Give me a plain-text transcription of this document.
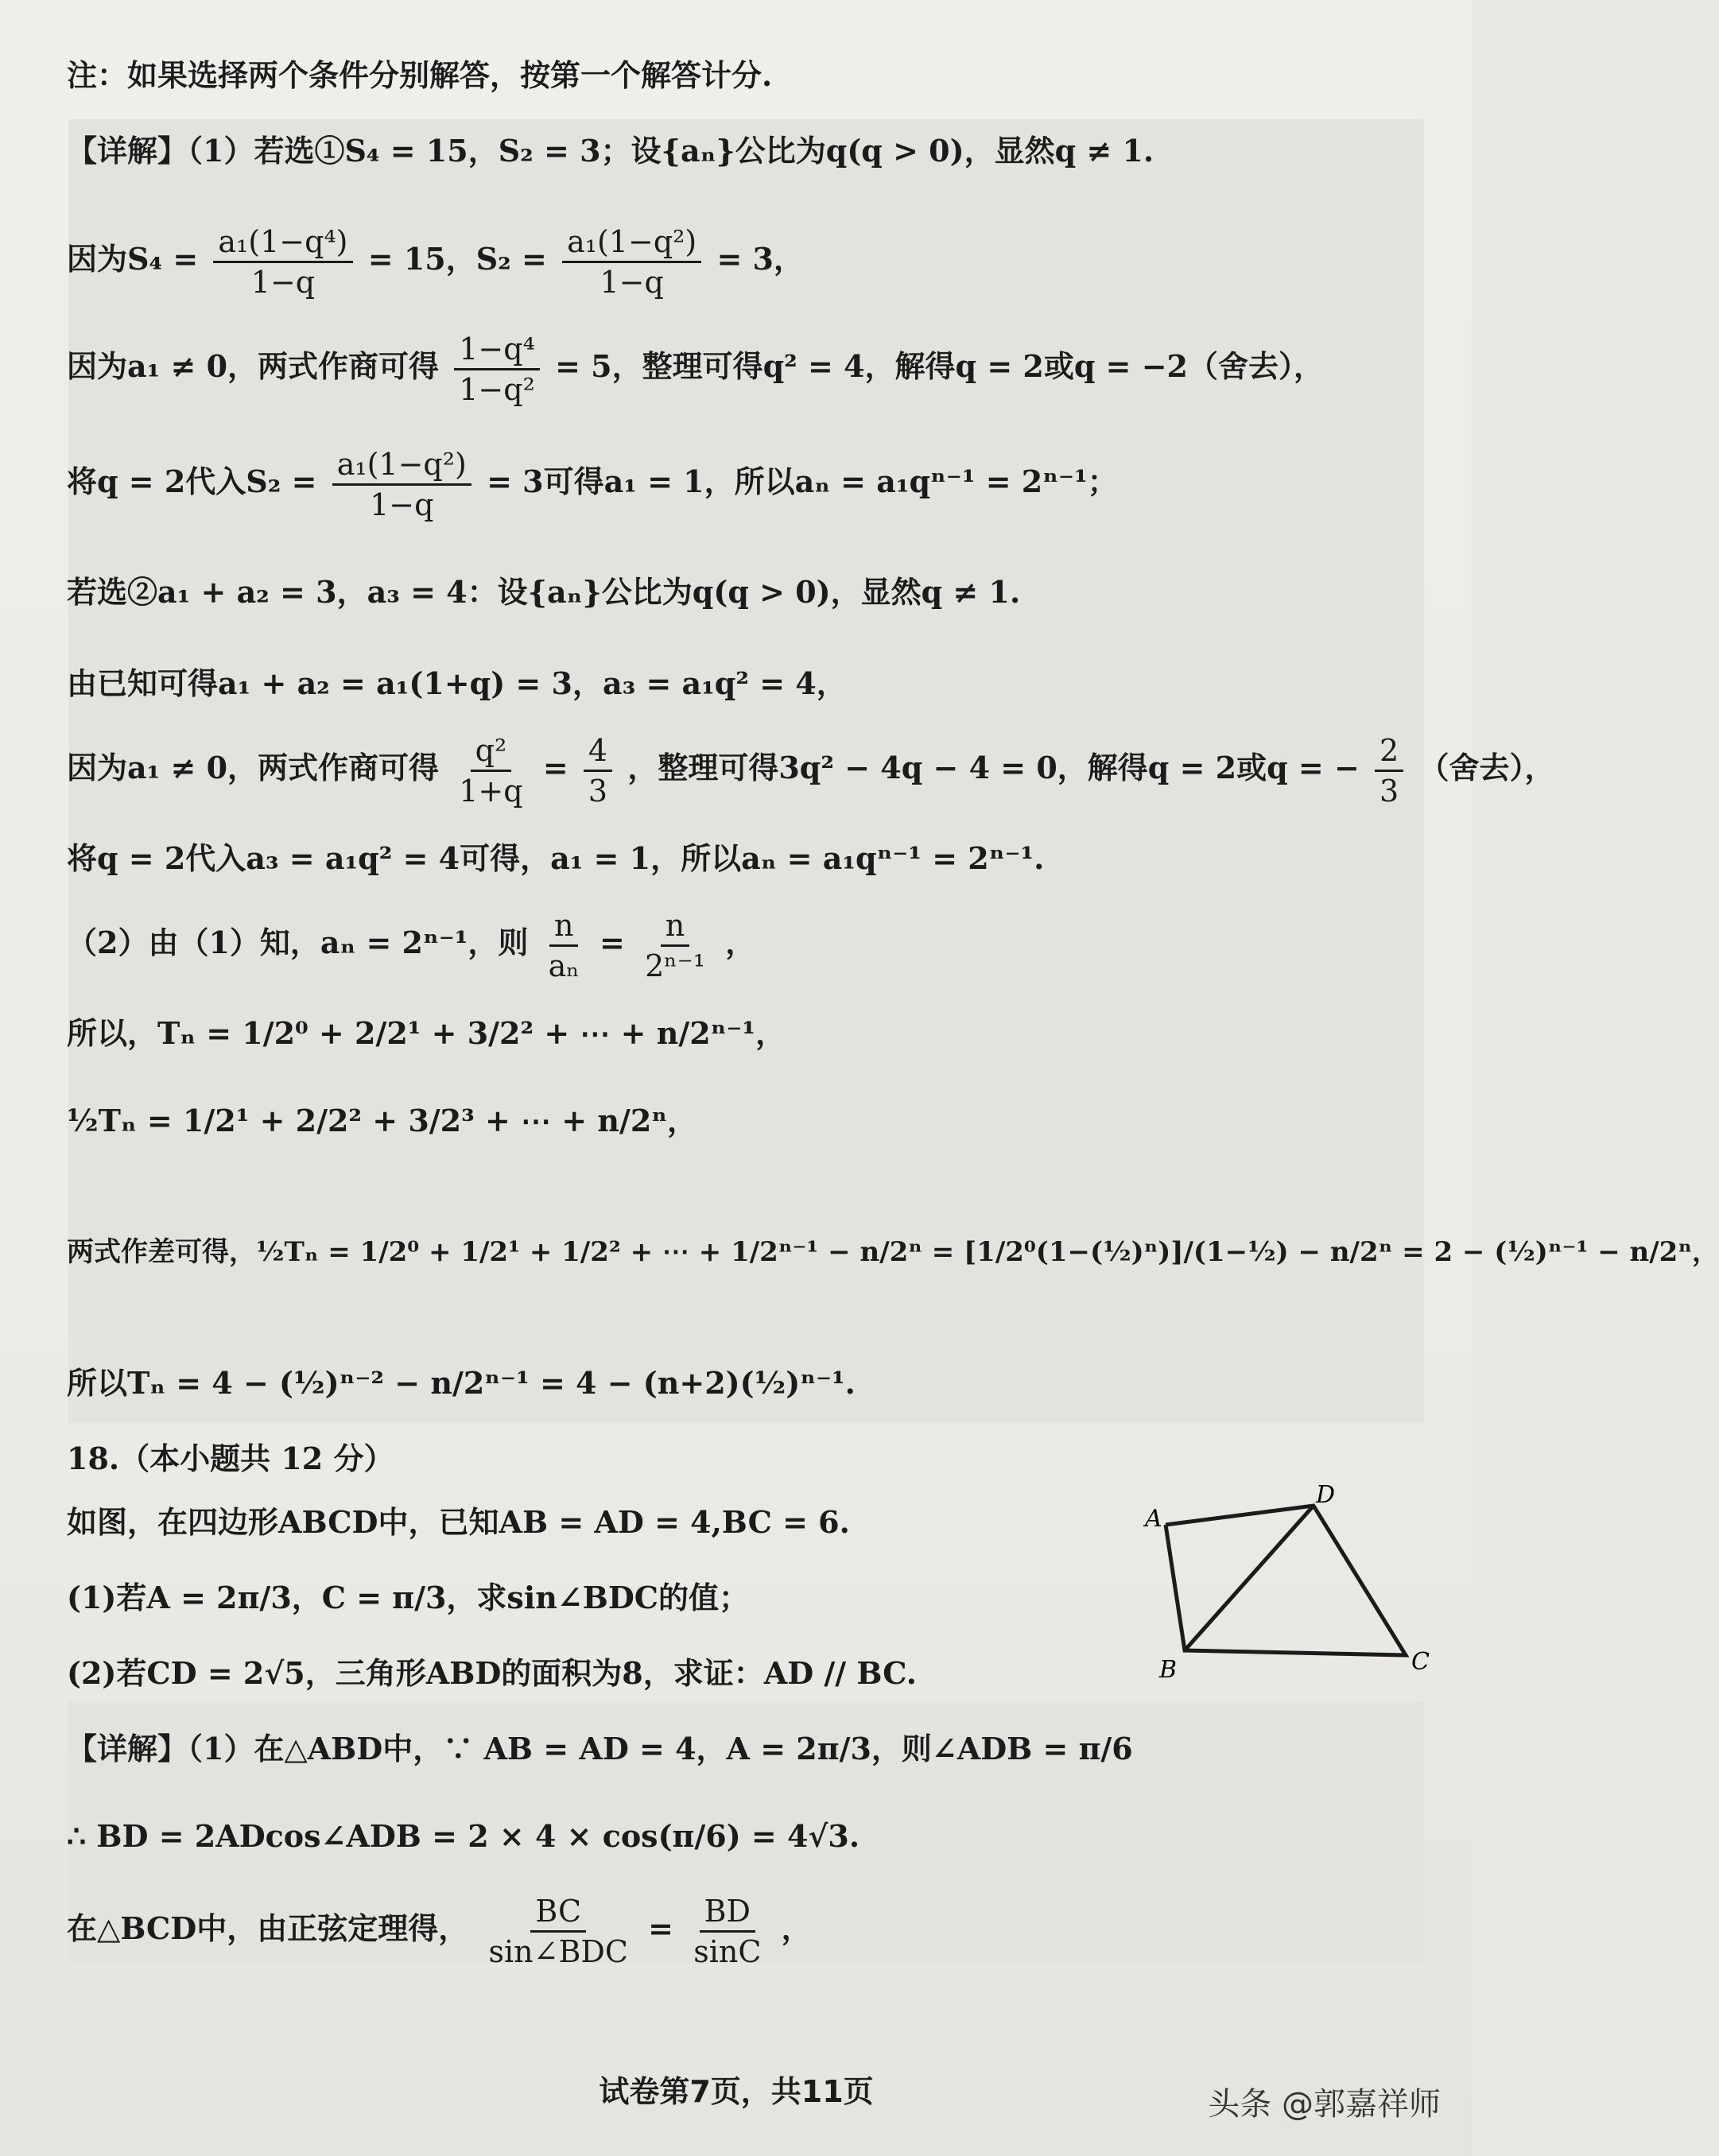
注：如果选择两个条件分别解答，按第一个解答计分.
【详解】（1）若选①S₄ = 15，S₂ = 3；设{aₙ}公比为q(q > 0)，显然q ≠ 1.
因为$S_4 = \frac{\text{a₁(1−q⁴)}}{1-q} = 15$，$S_2 = \frac{\text{a₁(1−q²)}}{1-q} = 3$，
因为a₁ ≠ 0，两式作商可得 $\frac{\text{1−q⁴}}{\text{1−q²}} = 5$，整理可得q² = 4，解得q = 2或q = −2（舍去），
将q = 2代入$S_2 = \frac{\text{a₁(1−q²)}}{1-q} = 3$可得a₁ = 1，所以aₙ = a₁qⁿ⁻¹ = 2ⁿ⁻¹；
若选②a₁ + a₂ = 3，a₃ = 4：设{aₙ}公比为q(q > 0)，显然q ≠ 1.
由已知可得a₁ + a₂ = a₁(1+q) = 3，a₃ = a₁q² = 4，
因为a₁ ≠ 0，两式作商可得 $\frac{\text{q²}}{1+q} = \frac{4}{3}$ ，整理可得3q² − 4q − 4 = 0，解得q = 2或q = − $\frac{2}{3}$ （舍去），
将q = 2代入a₃ = a₁q² = 4可得，a₁ = 1，所以aₙ = a₁qⁿ⁻¹ = 2ⁿ⁻¹.
（2）由（1）知，aₙ = 2ⁿ⁻¹，则 $\frac{n}{\text{aₙ}} = \frac{n}{\text{2ⁿ⁻¹}}$ ，
所以，Tₙ = 1/2⁰ + 2/2¹ + 3/2² + ⋯ + n/2ⁿ⁻¹，
½Tₙ = 1/2¹ + 2/2² + 3/2³ + ⋯ + n/2ⁿ，
两式作差可得，½Tₙ = 1/2⁰ + 1/2¹ + 1/2² + ⋯ + 1/2ⁿ⁻¹ − n/2ⁿ = [1/2⁰(1−(½)ⁿ)]/(1−½) − n/2ⁿ = 2 − (½)ⁿ⁻¹ − n/2ⁿ，
所以Tₙ = 4 − (½)ⁿ⁻² − n/2ⁿ⁻¹ = 4 − (n+2)(½)ⁿ⁻¹.
18.（本小题共 12 分）
如图，在四边形ABCD中，已知AB = AD = 4,BC = 6.
(1)若A = 2π/3，C = π/3，求sin∠BDC的值；
(2)若CD = 2√5，三角形ABD的面积为8，求证：AD // BC.
A
D
B	C
【详解】（1）在△ABD中，∵ AB = AD = 4，A = 2π/3，则∠ADB = π/6
∴ BD = 2ADcos∠ADB = 2 × 4 × cos(π/6) = 4√3.
在△BCD中，由正弦定理得， $\frac{BC}{\text{sin∠BDC}} = \frac{BD}{\sin C}$ ，
试卷第7页，共11页	头条 @郭嘉祥师
